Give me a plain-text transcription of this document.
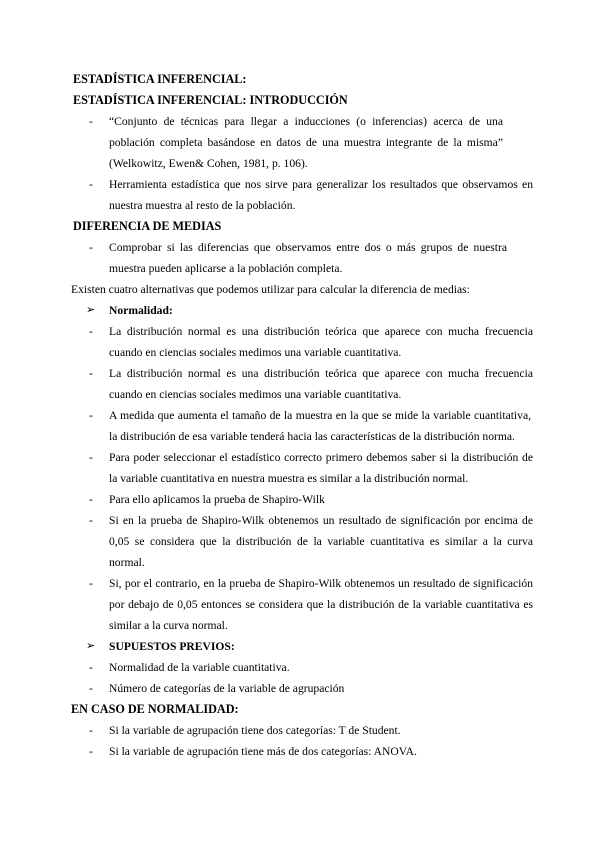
ESTADÍSTICA INFERENCIAL:

ESTADÍSTICA INFERENCIAL: INTRODUCCIÓN

- “Conjunto de técnicas para llegar a inducciones (o inferencias) acerca de una población completa basándose en datos de una muestra integrante de la misma” (Welkowitz, Ewen& Cohen, 1981, p. 106).

- Herramienta estadística que nos sirve para generalizar los resultados que observamos en nuestra muestra al resto de la población.

DIFERENCIA DE MEDIAS

- Comprobar si las diferencias que observamos entre dos o más grupos de nuestra muestra pueden aplicarse a la población completa.

Existen cuatro alternativas que podemos utilizar para calcular la diferencia de medias:

➢ Normalidad:

- La distribución normal es una distribución teórica que aparece con mucha frecuencia cuando en ciencias sociales medimos una variable cuantitativa.

- La distribución normal es una distribución teórica que aparece con mucha frecuencia cuando en ciencias sociales medimos una variable cuantitativa.

- A medida que aumenta el tamaño de la muestra en la que se mide la variable cuantitativa, la distribución de esa variable tenderá hacia las características de la distribución norma.

- Para poder seleccionar el estadístico correcto primero debemos saber si la distribución de la variable cuantitativa en nuestra muestra es similar a la distribución normal.

- Para ello aplicamos la prueba de Shapiro-Wilk

- Si en la prueba de Shapiro-Wilk obtenemos un resultado de significación por encima de 0,05 se considera que la distribución de la variable cuantitativa es similar a la curva normal.

- Si, por el contrario, en la prueba de Shapiro-Wilk obtenemos un resultado de significación por debajo de 0,05 entonces se considera que la distribución de la variable cuantitativa es similar a la curva normal.

➢ SUPUESTOS PREVIOS:

- Normalidad de la variable cuantitativa.

- Número de categorías de la variable de agrupación

EN CASO DE NORMALIDAD:

- Si la variable de agrupación tiene dos categorías: T de Student.

- Si la variable de agrupación tiene más de dos categorías: ANOVA.
